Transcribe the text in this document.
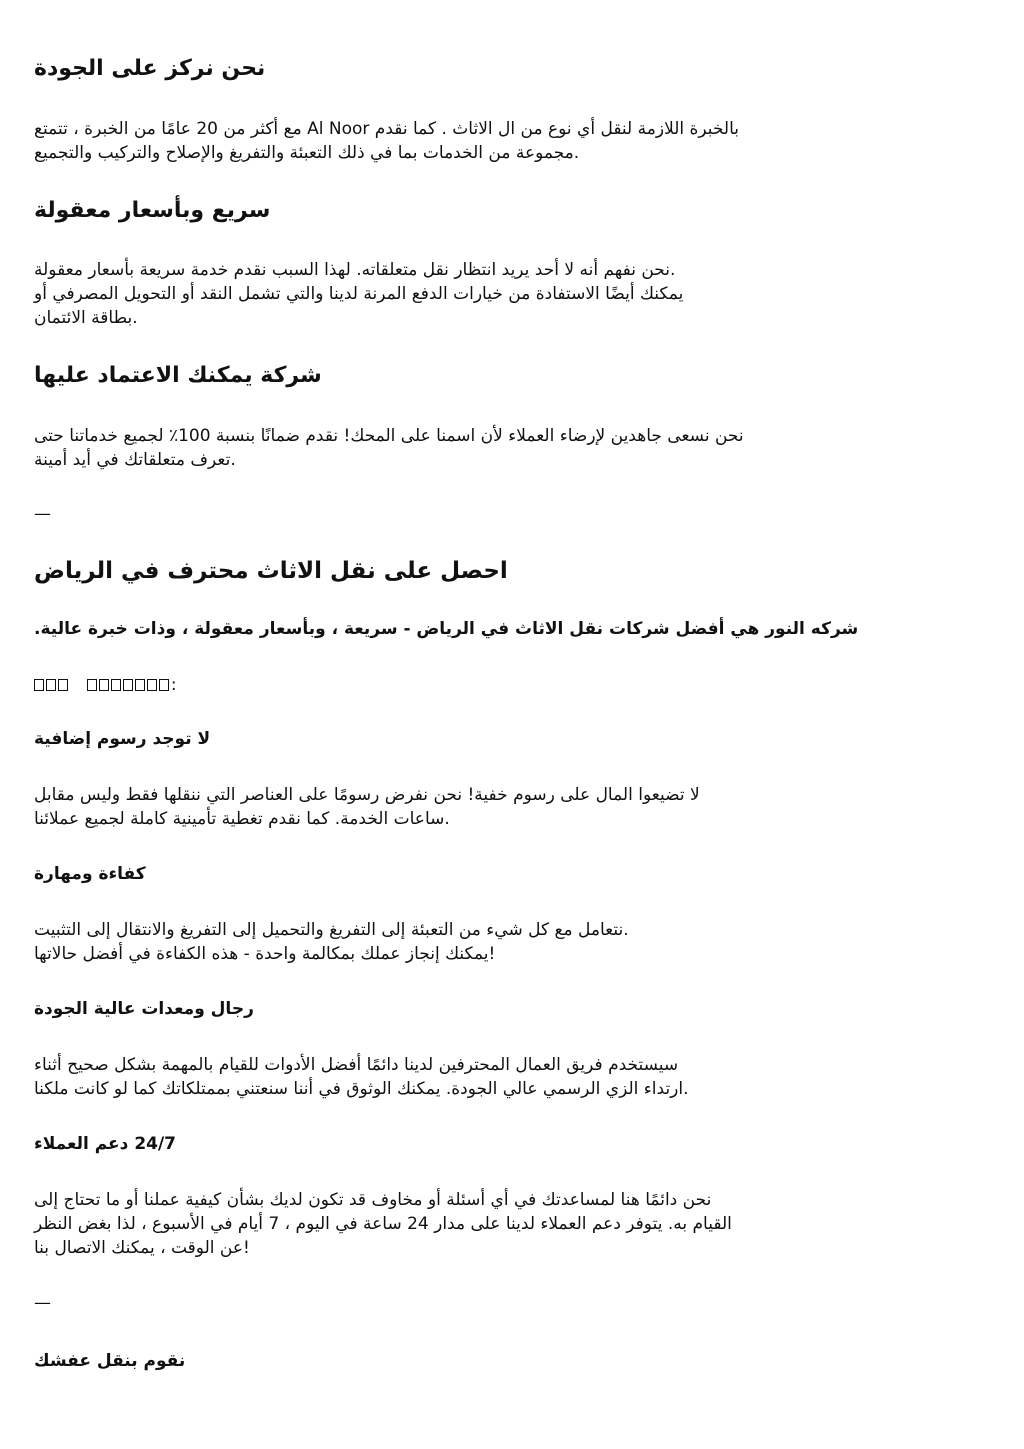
نحن نركز على الجودة
مع أكثر من 20 عامًا من الخبرة ، تتمتع Al Noor بالخبرة اللازمة لنقل أي نوع من ال الاثاث . كما نقدم
مجموعة من الخدمات بما في ذلك التعبئة والتفريغ والإصلاح والتركيب والتجميع.
سريع وبأسعار معقولة
نحن نفهم أنه لا أحد يريد انتظار نقل متعلقاته. لهذا السبب نقدم خدمة سريعة بأسعار معقولة.
يمكنك أيضًا الاستفادة من خيارات الدفع المرنة لدينا والتي تشمل النقد أو التحويل المصرفي أو
بطاقة الائتمان.
شركة يمكنك الاعتماد عليها
نحن نسعى جاهدين لإرضاء العملاء لأن اسمنا على المحك! نقدم ضمانًا بنسبة 100٪ لجميع خدماتنا حتى
تعرف متعلقاتك في أيد أمينة.
—
احصل على نقل الاثاث محترف في الرياض
شركه النور هي أفضل شركات نقل الاثاث في الرياض - سريعة ، وبأسعار معقولة ، وذات خبرة عالية.
:
لا توجد رسوم إضافية
لا تضيعوا المال على رسوم خفية! نحن نفرض رسومًا على العناصر التي ننقلها فقط وليس مقابل
ساعات الخدمة. كما نقدم تغطية تأمينية كاملة لجميع عملائنا.
كفاءة ومهارة
نتعامل مع كل شيء من التعبئة إلى التفريغ والتحميل إلى التفريغ والانتقال إلى التثبيت.
يمكنك إنجاز عملك بمكالمة واحدة - هذه الكفاءة في أفضل حالاتها!
رجال ومعدات عالية الجودة
سيستخدم فريق العمال المحترفين لدينا دائمًا أفضل الأدوات للقيام بالمهمة بشكل صحيح أثناء
ارتداء الزي الرسمي عالي الجودة. يمكنك الوثوق في أننا سنعتني بممتلكاتك كما لو كانت ملكنا.
24/7 دعم العملاء
نحن دائمًا هنا لمساعدتك في أي أسئلة أو مخاوف قد تكون لديك بشأن كيفية عملنا أو ما تحتاج إلى
القيام به. يتوفر دعم العملاء لدينا على مدار 24 ساعة في اليوم ، 7 أيام في الأسبوع ، لذا بغض النظر
عن الوقت ، يمكنك الاتصال بنا!
—
نقوم بنقل عفشك
